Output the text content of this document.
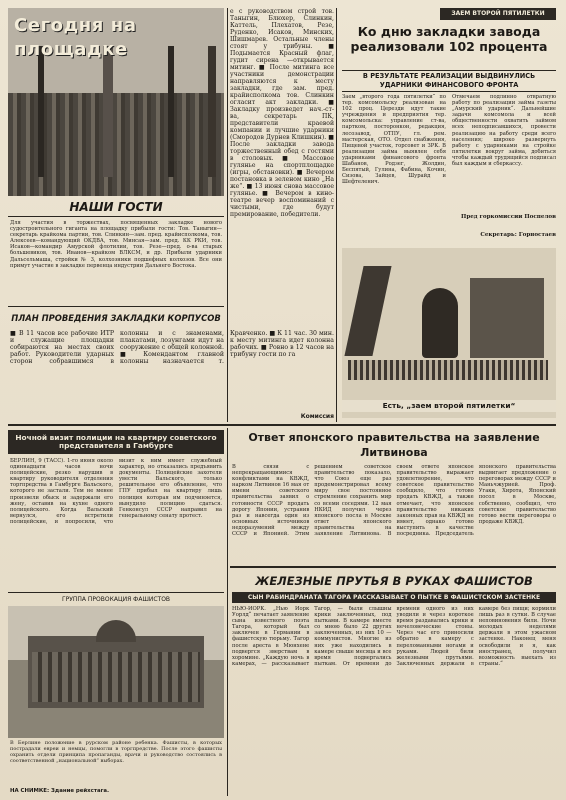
Сегодня на площадке
НАШИ ГОСТИ
Для участия в торжествах, посвященных закладке нового судостроительного гиганта на площадку прибыли гости: Тов. Таныгин—секретарь крайкома партии, тов. Слинкин—зам. пред. крайисполкома, тов. Алексеев—командующий ОКДВА, тов. Минсая—зам. пред. КК РКИ, тов. Исаков—командир Амурской флотилии, тов. Резе—пред. о-ва старых большевиков, тов. Иванов—крайком ВЛКСМ, и др. Прибыли ударники Дальсельмаша, стройки № 3, колхозники подшефных колхозов. Все они примут участие в закладке первенца индустрии Дальнего Востока.
ПЛАН ПРОВЕДЕНИЯ ЗАКЛАДКИ КОРПУСОВ
■ В 11 часов все рабочие ИТР и служащие площадки собираются на местах своих работ. Руководители ударных сторон собравшимся в колонны и с знаменами, плакатами, лозунгами идут на сооружение с общей колонной. ■ Комендантом главной колонны назначается т. Кравченко. ■ К 11 час. 30 мин. к месту митинга идет колонна рабочих. ■ Ровно в 12 часов на трибуну гости по га
е с руководством строй тов. Таныгин, Блюхер, Слинкин, Каттель, Плехатов, Резе, Руденко, Исаков, Минских, Шишмарев. Остальные члены стоят у трибуны. ■ Подымается Красный флаг, гудит сирена —открывается митинг. ■ После митинга все участники демонстрации направляются к месту закладки, где зам. пред. крайисполкома тов. Слинкин огласит акт закладки. ■ Закладку произведет нач.-ст-ва, секретарь ПК, представители краевой компании и лучшие ударники (Смородов Дурнев Клишкин). ■ После закладки завода торжественный обед с гостями в столовых. ■ Массовое гулянье на спортплощадке (игры, обстановки). ■ Вечером постановка в зеленом кино „На же“. ■ 13 июня снова массовое гулянье. ■ Вечером в кино-театре вечер воспоминаний с чистыми, где будут премирование, победители.
ЗАЕМ ВТОРОЙ ПЯТИЛЕТКИ
Ко дню закладки завода реализовали 102 процента
В РЕЗУЛЬТАТЕ РЕАЛИЗАЦИИ ВЫДВИНУЛИСЬ УДАРНИКИ ФИНАНСОВОГО ФРОНТА
Заем „второго года пятилетки“ по тер. комсомольску реализован на 102 проц. Церезди идут такие учреждения и предприятия тер. комсомольска: управление ст-ва, партком, посторонкон, редакция, лесозавод, ОТПУ, гл. рем. мастерская, ОТО. Отдел снабжения, Пищевой участок, горсовет и ЗРК. В реализации займа выявлен себя ударниками финансового фронта Шабанов, Родзег, Жолдин, Беспятый, Гулина, Фабина, Кочин, Сизова, Зайцев, Шурайд и Шефтеленич.
Отмечаем подлинно отвратную работу по реализации займа газеты „Амурский ударник“. Дальнейшие задачи комсомола и всей общественности охватить займом всех неподписавшихся, провести реализацию на работу среди всего населения; широко развернуть работу с ударниками на стройке пятилетки вокруг займа, добиться чтобы каждый трудящийся подписал был каждым и сберкассу.
Пред горкомиссии Поспелов
Секретарь: Горностаев
Есть, „заем второй пятилетки“
Комиссия
Ночной визит полиции на квартиру советского представителя в Гамбурге
БЕРЛИН, 9 (ТАСС). 1-го июня около одиннадцати часов ночи полицейские, резко нарушив в квартиру руководителя отделения торгпредства в Гамбурге Вальского, которого не застали. Тем не менее произвели обыск и задержали его жену, оставив на кухне одного полицейского. Когда Вальский вернулся, его встретили полицейские, и попросили, что визит к ним имеет служебный характер, но отказались предъявить документы. Полицейские захотели увести Вальского, только решительное его объявление, что ГПУ прибыл на квартиру лишь полиция которая им подчиняется, вынудило полицию сдаться. Генконсул СССР направил на генеральному сенату протест.
ГРУППА ПРОВОКАЦИЯ ФАШИСТОВ
В Берлине положение в рурском районе ребенка. Фашисты, в которых пострадали евреи и немцы, помогли в торгпредстве. После этого фашисты охранить отдели принципа пропаганды, врачи и руководство состоялись в соответственной „национальной“ выборах.
НА СНИМКЕ: Здание рейхстага.
Ответ японского правительства на заявление Литвинова
В связи с непрекращающимися конфликтами на КВЖД, нарком Литвинов 16 мая от имени советского правительства заявил о готовности СССР продать дорогу Японии, устранив раз и навсегда один из основных источников недоразумений между СССР и Японией. Этим решением советское правительство показало, что Союз еще раз продемонстрировал всему миру свое постоянное стремление сохранить мир со всеми соседями. 12 мая НКИД получил через японского посла в Москве ответ японского правительства на заявление Литвинова. В своем ответе японское правительство выражает удовлетворение, что советское правительство сообщило, что готово продать КВЖД, а также отмечает, что японское правительство никаких законных прав на КВЖД не имеет, однако готово выступить в качестве посредника. Председатель японского правительства выдвигает предложение о переговорах между СССР и Маньчжурией. Проф. Угаки, Хирота, Японский посол в Москве, собственно, сообщил, что советское правительство готово вести переговоры о продаже КВЖД.
ЖЕЛЕЗНЫЕ ПРУТЬЯ В РУКАХ ФАШИСТОВ
СЫН РАБИНДРАНАТА ТАГОРА РАССКАЗЫВАЕТ О ПЫТКЕ В ФАШИСТСКОМ ЗАСТЕНКЕ
НЬЮ-ЙОРК. „Нью Йорк Уорлд“ печатает заявление сына известного поэта Тагора, который был заключен в Германии в фашистскую тюрьму. Тагор после ареста в Мюнхене подвергся зверствам в хоромине. „Каждую ночь в камерах, — рассказывает Тагор, — были слышны крики заключенных, под пытками. В камере вместе со мною было 22 других заключенных, из них 10 — коммунистов. Многие из них уже находились в камере свыше месяца и все время подвергались пыткам. От времени до времени одного из них уводили и через короткое время раздавались крики и нечеловеческие стоны. Через час его приносили обратно в камеру с переломанными ногами и руками. Людей били железными прутьями. Заключенных держали в камере без пищи; кормили лишь раз в сутки. В случае неповиновения били. Ночи молодых неделями держали в этом ужасном застенке. Наконец меня освободили и я, как иностранец, получил возможность выехать из страны.“
